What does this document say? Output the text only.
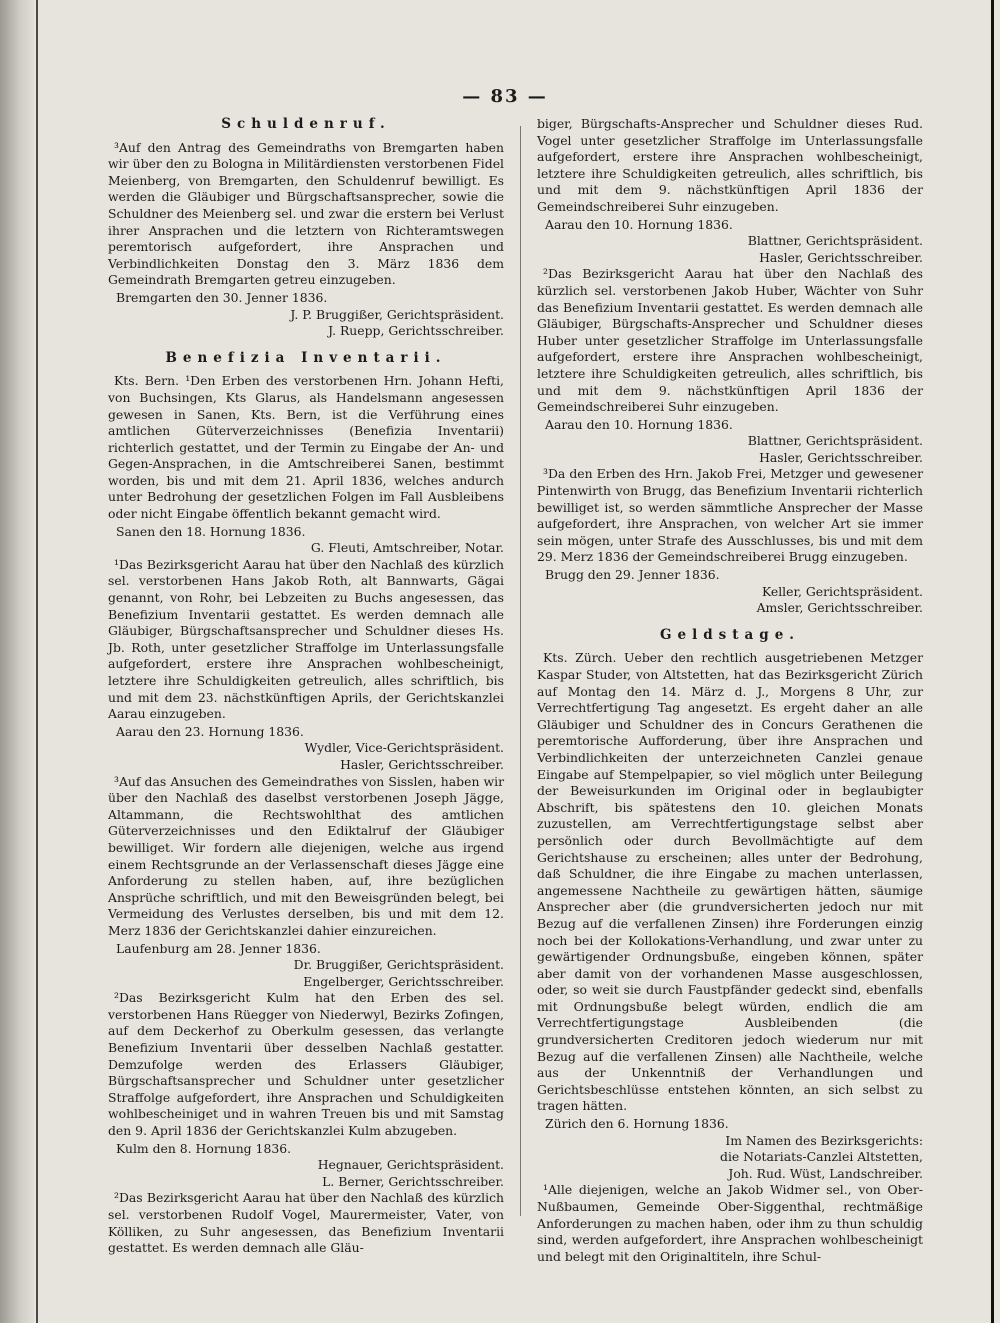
— 83 —
Schuldenruf.

³Auf den Antrag des Gemeindraths von Bremgarten haben wir über den zu Bologna in Militärdiensten verstorbenen Fidel Meienberg, von Bremgarten, den Schuldenruf bewilligt. Es werden die Gläubiger und Bürgschaftsansprecher, sowie die Schuldner des Meienberg sel. und zwar die erstern bei Verlust ihrer Ansprachen und die letztern von Richteramtswegen peremtorisch aufgefordert, ihre Ansprachen und Verbindlichkeiten Donstag den 3. März 1836 dem Gemeindrath Bremgarten getreu einzugeben.

Bremgarten den 30. Jenner 1836.

J. P. Bruggißer, Gerichtspräsident.

J. Ruepp, Gerichtsschreiber.

Benefizia Inventarii.

Kts. Bern. ¹Den Erben des verstorbenen Hrn. Johann Hefti, von Buchsingen, Kts Glarus, als Handelsmann angesessen gewesen in Sanen, Kts. Bern, ist die Verführung eines amtlichen Güterverzeichnisses (Benefizia Inventarii) richterlich gestattet, und der Termin zu Eingabe der An- und Gegen-Ansprachen, in die Amtschreiberei Sanen, bestimmt worden, bis und mit dem 21. April 1836, welches andurch unter Bedrohung der gesetzlichen Folgen im Fall Ausbleibens oder nicht Eingabe öffentlich bekannt gemacht wird.

Sanen den 18. Hornung 1836.

G. Fleuti, Amtschreiber, Notar.

¹Das Bezirksgericht Aarau hat über den Nachlaß des kürzlich sel. verstorbenen Hans Jakob Roth, alt Bannwarts, Gägai genannt, von Rohr, bei Lebzeiten zu Buchs angesessen, das Benefizium Inventarii gestattet. Es werden demnach alle Gläubiger, Bürgschaftsansprecher und Schuldner dieses Hs. Jb. Roth, unter gesetzlicher Straffolge im Unterlassungsfalle aufgefordert, erstere ihre Ansprachen wohlbescheinigt, letztere ihre Schuldigkeiten getreulich, alles schriftlich, bis und mit dem 23. nächstkünftigen Aprils, der Gerichtskanzlei Aarau einzugeben.

Aarau den 23. Hornung 1836.

Wydler, Vice-Gerichtspräsident.

Hasler, Gerichtsschreiber.

³Auf das Ansuchen des Gemeindrathes von Sisslen, haben wir über den Nachlaß des daselbst verstorbenen Joseph Jägge, Altammann, die Rechtswohlthat des amtlichen Güterverzeichnisses und den Ediktalruf der Gläubiger bewilliget. Wir fordern alle diejenigen, welche aus irgend einem Rechtsgrunde an der Verlassenschaft dieses Jägge eine Anforderung zu stellen haben, auf, ihre bezüglichen Ansprüche schriftlich, und mit den Beweisgründen belegt, bei Vermeidung des Verlustes derselben, bis und mit dem 12. Merz 1836 der Gerichtskanzlei dahier einzureichen.

Laufenburg am 28. Jenner 1836.

Dr. Bruggißer, Gerichtspräsident.

Engelberger, Gerichtsschreiber.

²Das Bezirksgericht Kulm hat den Erben des sel. verstorbenen Hans Rüegger von Niederwyl, Bezirks Zofingen, auf dem Deckerhof zu Oberkulm gesessen, das verlangte Benefizium Inventarii über desselben Nachlaß gestatter. Demzufolge werden des Erlassers Gläubiger, Bürgschaftsansprecher und Schuldner unter gesetzlicher Straffolge aufgefordert, ihre Ansprachen und Schuldigkeiten wohlbescheiniget und in wahren Treuen bis und mit Samstag den 9. April 1836 der Gerichtskanzlei Kulm abzugeben.

Kulm den 8. Hornung 1836.

Hegnauer, Gerichtspräsident.

L. Berner, Gerichtsschreiber.

²Das Bezirksgericht Aarau hat über den Nachlaß des kürzlich sel. verstorbenen Rudolf Vogel, Maurermeister, Vater, von Kölliken, zu Suhr angesessen, das Benefizium Inventarii gestattet. Es werden demnach alle Gläu-

biger, Bürgschafts-Ansprecher und Schuldner dieses Rud. Vogel unter gesetzlicher Straffolge im Unterlassungsfalle aufgefordert, erstere ihre Ansprachen wohlbescheinigt, letztere ihre Schuldigkeiten getreulich, alles schriftlich, bis und mit dem 9. nächstkünftigen April 1836 der Gemeindschreiberei Suhr einzugeben.

Aarau den 10. Hornung 1836.

Blattner, Gerichtspräsident.

Hasler, Gerichtsschreiber.

²Das Bezirksgericht Aarau hat über den Nachlaß des kürzlich sel. verstorbenen Jakob Huber, Wächter von Suhr das Benefizium Inventarii gestattet. Es werden demnach alle Gläubiger, Bürgschafts-Ansprecher und Schuldner dieses Huber unter gesetzlicher Straffolge im Unterlassungsfalle aufgefordert, erstere ihre Ansprachen wohlbescheinigt, letztere ihre Schuldigkeiten getreulich, alles schriftlich, bis und mit dem 9. nächstkünftigen April 1836 der Gemeindschreiberei Suhr einzugeben.

Aarau den 10. Hornung 1836.

Blattner, Gerichtspräsident.

Hasler, Gerichtsschreiber.

³Da den Erben des Hrn. Jakob Frei, Metzger und gewesener Pintenwirth von Brugg, das Benefizium Inventarii richterlich bewilliget ist, so werden sämmtliche Ansprecher der Masse aufgefordert, ihre Ansprachen, von welcher Art sie immer sein mögen, unter Strafe des Ausschlusses, bis und mit dem 29. Merz 1836 der Gemeindschreiberei Brugg einzugeben.

Brugg den 29. Jenner 1836.

Keller, Gerichtspräsident.

Amsler, Gerichtsschreiber.

Geldstage.

Kts. Zürch. Ueber den rechtlich ausgetriebenen Metzger Kaspar Studer, von Altstetten, hat das Bezirksgericht Zürich auf Montag den 14. März d. J., Morgens 8 Uhr, zur Verrechtfertigung Tag angesetzt. Es ergeht daher an alle Gläubiger und Schuldner des in Concurs Gerathenen die peremtorische Aufforderung, über ihre Ansprachen und Verbindlichkeiten der unterzeichneten Canzlei genaue Eingabe auf Stempelpapier, so viel möglich unter Beilegung der Beweisurkunden im Original oder in beglaubigter Abschrift, bis spätestens den 10. gleichen Monats zuzustellen, am Verrechtfertigungstage selbst aber persönlich oder durch Bevollmächtigte auf dem Gerichtshause zu erscheinen; alles unter der Bedrohung, daß Schuldner, die ihre Eingabe zu machen unterlassen, angemessene Nachtheile zu gewärtigen hätten, säumige Ansprecher aber (die grundversicherten jedoch nur mit Bezug auf die verfallenen Zinsen) ihre Forderungen einzig noch bei der Kollokations-Verhandlung, und zwar unter zu gewärtigender Ordnungsbuße, eingeben können, später aber damit von der vorhandenen Masse ausgeschlossen, oder, so weit sie durch Faustpfänder gedeckt sind, ebenfalls mit Ordnungsbuße belegt würden, endlich die am Verrechtfertigungstage Ausbleibenden (die grundversicherten Creditoren jedoch wiederum nur mit Bezug auf die verfallenen Zinsen) alle Nachtheile, welche aus der Unkenntniß der Verhandlungen und Gerichtsbeschlüsse entstehen könnten, an sich selbst zu tragen hätten.

Zürich den 6. Hornung 1836.

Im Namen des Bezirksgerichts:

die Notariats-Canzlei Altstetten,

Joh. Rud. Wüst, Landschreiber.

¹Alle diejenigen, welche an Jakob Widmer sel., von Ober-Nußbaumen, Gemeinde Ober-Siggenthal, rechtmäßige Anforderungen zu machen haben, oder ihm zu thun schuldig sind, werden aufgefordert, ihre Ansprachen wohlbescheinigt und belegt mit den Originaltiteln, ihre Schul-
